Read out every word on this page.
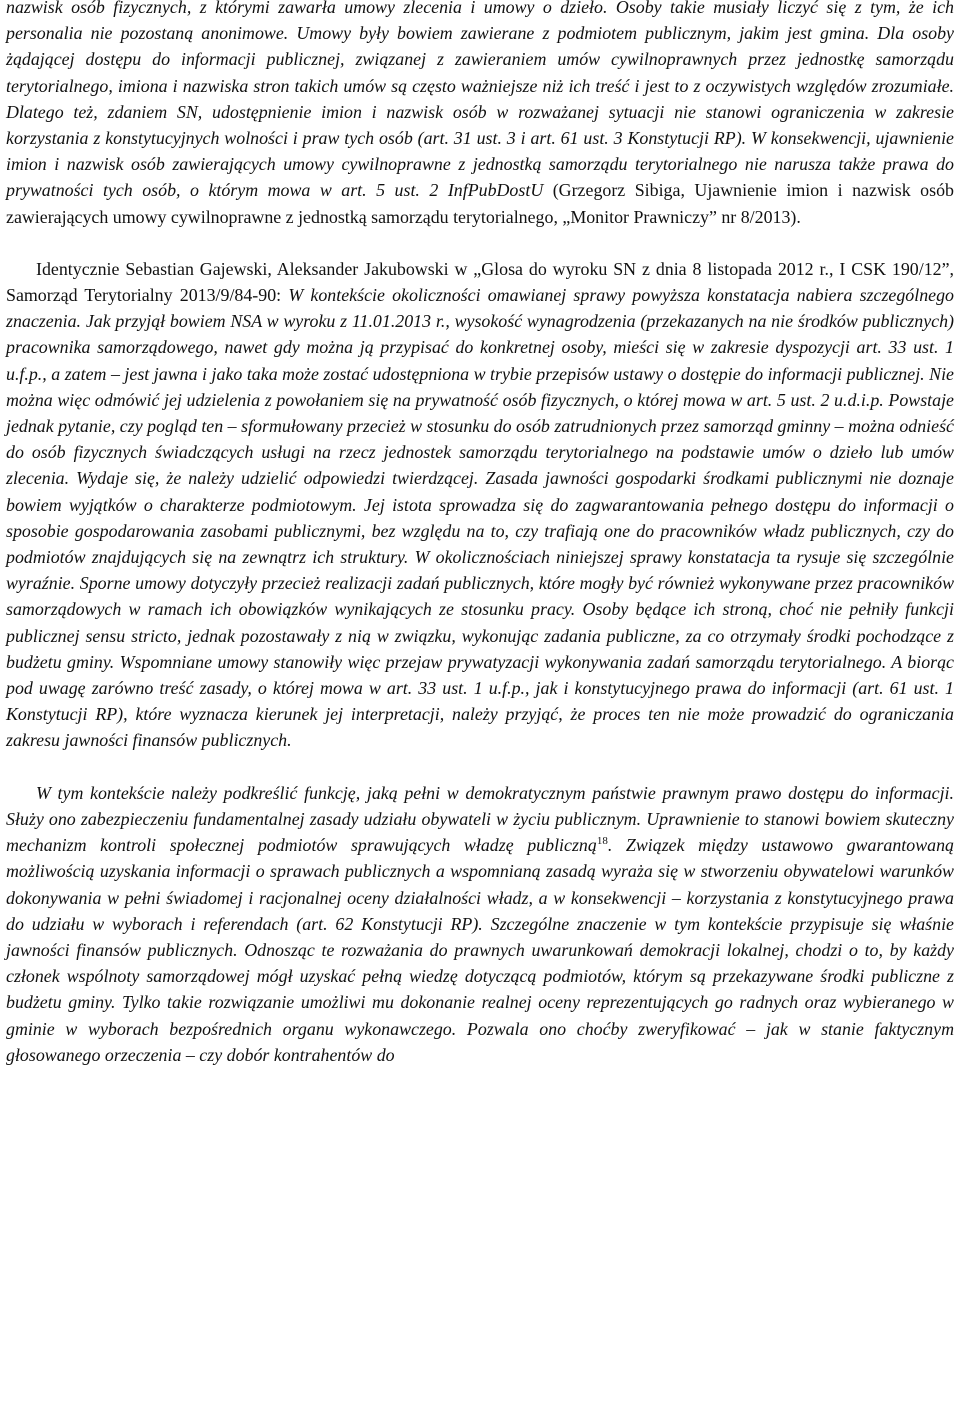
nazwisk osób fizycznych, z którymi zawarła umowy zlecenia i umowy o dzieło. Osoby takie musiały liczyć się z tym, że ich personalia nie pozostaną anonimowe. Umowy były bowiem zawierane z podmiotem publicznym, jakim jest gmina. Dla osoby żądającej dostępu do informacji publicznej, związanej z zawieraniem umów cywilnoprawnych przez jednostkę samorządu terytorialnego, imiona i nazwiska stron takich umów są często ważniejsze niż ich treść i jest to z oczywistych względów zrozumiałe. Dlatego też, zdaniem SN, udostępnienie imion i nazwisk osób w rozważanej sytuacji nie stanowi ograniczenia w zakresie korzystania z konstytucyjnych wolności i praw tych osób (art. 31 ust. 3 i art. 61 ust. 3 Konstytucji RP). W konsekwencji, ujawnienie imion i nazwisk osób zawierających umowy cywilnoprawne z jednostką samorządu terytorialnego nie narusza także prawa do prywatności tych osób, o którym mowa w art. 5 ust. 2 InfPubDostU (Grzegorz Sibiga, Ujawnienie imion i nazwisk osób zawierających umowy cywilnoprawne z jednostką samorządu terytorialnego, „Monitor Prawniczy” nr 8/2013).

Identycznie Sebastian Gajewski, Aleksander Jakubowski w „Glosa do wyroku SN z dnia 8 listopada 2012 r., I CSK 190/12”, Samorząd Terytorialny 2013/9/84-90: W kontekście okoliczności omawianej sprawy powyższa konstatacja nabiera szczególnego znaczenia. Jak przyjął bowiem NSA w wyroku z 11.01.2013 r., wysokość wynagrodzenia (przekazanych na nie środków publicznych) pracownika samorządowego, nawet gdy można ją przypisać do konkretnej osoby, mieści się w zakresie dyspozycji art. 33 ust. 1 u.f.p., a zatem – jest jawna i jako taka może zostać udostępniona w trybie przepisów ustawy o dostępie do informacji publicznej. Nie można więc odmówić jej udzielenia z powołaniem się na prywatność osób fizycznych, o której mowa w art. 5 ust. 2 u.d.i.p. Powstaje jednak pytanie, czy pogląd ten – sformułowany przecież w stosunku do osób zatrudnionych przez samorząd gminny – można odnieść do osób fizycznych świadczących usługi na rzecz jednostek samorządu terytorialnego na podstawie umów o dzieło lub umów zlecenia. Wydaje się, że należy udzielić odpowiedzi twierdzącej. Zasada jawności gospodarki środkami publicznymi nie doznaje bowiem wyjątków o charakterze podmiotowym. Jej istota sprowadza się do zagwarantowania pełnego dostępu do informacji o sposobie gospodarowania zasobami publicznymi, bez względu na to, czy trafiają one do pracowników władz publicznych, czy do podmiotów znajdujących się na zewnątrz ich struktury. W okolicznościach niniejszej sprawy konstatacja ta rysuje się szczególnie wyraźnie. Sporne umowy dotyczyły przecież realizacji zadań publicznych, które mogły być również wykonywane przez pracowników samorządowych w ramach ich obowiązków wynikających ze stosunku pracy. Osoby będące ich stroną, choć nie pełniły funkcji publicznej sensu stricto, jednak pozostawały z nią w związku, wykonując zadania publiczne, za co otrzymały środki pochodzące z budżetu gminy. Wspomniane umowy stanowiły więc przejaw prywatyzacji wykonywania zadań samorządu terytorialnego. A biorąc pod uwagę zarówno treść zasady, o której mowa w art. 33 ust. 1 u.f.p., jak i konstytucyjnego prawa do informacji (art. 61 ust. 1 Konstytucji RP), które wyznacza kierunek jej interpretacji, należy przyjąć, że proces ten nie może prowadzić do ograniczania zakresu jawności finansów publicznych.

W tym kontekście należy podkreślić funkcję, jaką pełni w demokratycznym państwie prawnym prawo dostępu do informacji. Służy ono zabezpieczeniu fundamentalnej zasady udziału obywateli w życiu publicznym. Uprawnienie to stanowi bowiem skuteczny mechanizm kontroli społecznej podmiotów sprawujących władzę publiczną$^{18}$. Związek między ustawowo gwarantowaną możliwością uzyskania informacji o sprawach publicznych a wspomnianą zasadą wyraża się w stworzeniu obywatelowi warunków dokonywania w pełni świadomej i racjonalnej oceny działalności władz, a w konsekwencji – korzystania z konstytucyjnego prawa do udziału w wyborach i referendach (art. 62 Konstytucji RP). Szczególne znaczenie w tym kontekście przypisuje się właśnie jawności finansów publicznych. Odnosząc te rozważania do prawnych uwarunkowań demokracji lokalnej, chodzi o to, by każdy członek wspólnoty samorządowej mógł uzyskać pełną wiedzę dotyczącą podmiotów, którym są przekazywane środki publiczne z budżetu gminy. Tylko takie rozwiązanie umożliwi mu dokonanie realnej oceny reprezentujących go radnych oraz wybieranego w gminie w wyborach bezpośrednich organu wykonawczego. Pozwala ono choćby zweryfikować – jak w stanie faktycznym głosowanego orzeczenia – czy dobór kontrahentów do
